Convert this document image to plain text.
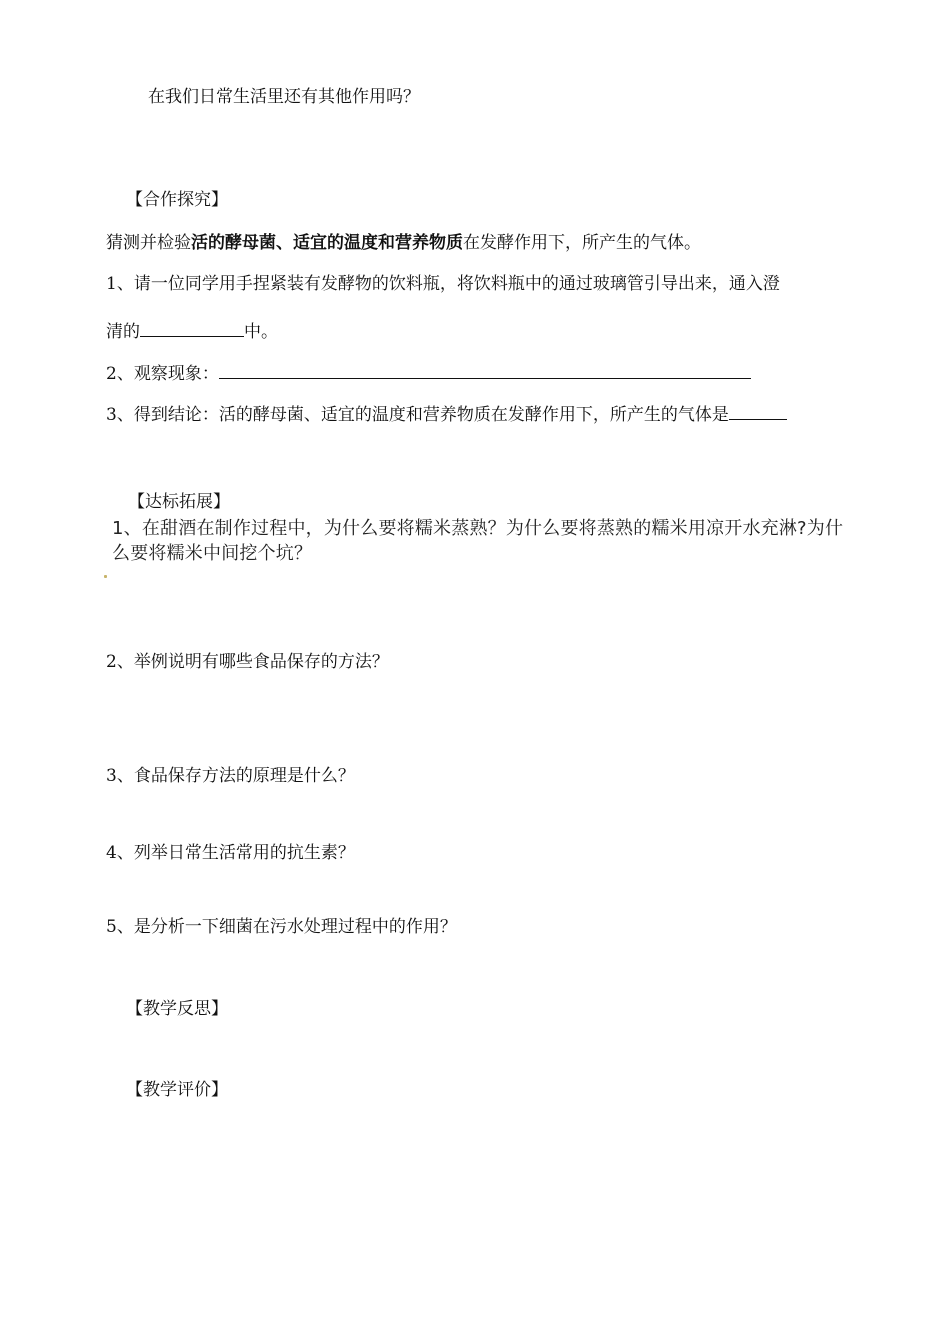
在我们日常生活里还有其他作用吗？
【合作探究】
猜测并检验活的酵母菌、适宜的温度和营养物质在发酵作用下，所产生的气体。
1、请一位同学用手捏紧装有发酵物的饮料瓶，将饮料瓶中的通过玻璃管引导出来，通入澄
清的	中。
2、观察现象：
3、得到结论：活的酵母菌、适宜的温度和营养物质在发酵作用下，所产生的气体是
【达标拓展】
1、在甜酒在制作过程中，为什么要将糯米蒸熟？为什么要将蒸熟的糯米用凉开水充淋?为什
么要将糯米中间挖个坑？
2、举例说明有哪些食品保存的方法？
3、食品保存方法的原理是什么？
4、列举日常生活常用的抗生素？
5、是分析一下细菌在污水处理过程中的作用？
【教学反思】
【教学评价】
